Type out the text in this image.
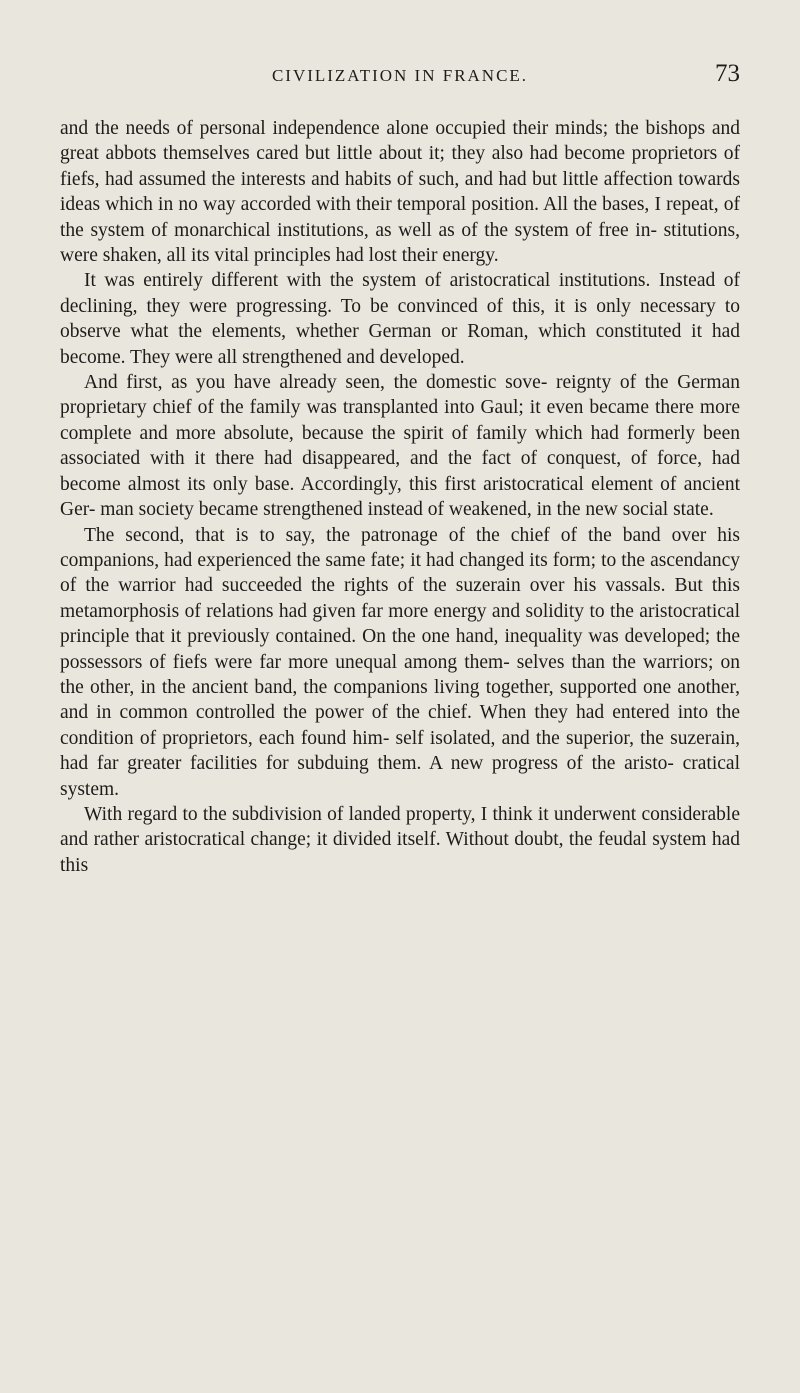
CIVILIZATION IN FRANCE.	73

and the needs of personal independence alone occupied their minds; the bishops and great abbots themselves cared but little about it; they also had become proprietors of fiefs, had assumed the interests and habits of such, and had but little affection towards ideas which in no way accorded with their temporal position. All the bases, I repeat, of the system of monarchical institutions, as well as of the system of free in- stitutions, were shaken, all its vital principles had lost their energy.

It was entirely different with the system of aristocratical institutions. Instead of declining, they were progressing. To be convinced of this, it is only necessary to observe what the elements, whether German or Roman, which constituted it had become. They were all strengthened and developed.

And first, as you have already seen, the domestic sove- reignty of the German proprietary chief of the family was transplanted into Gaul; it even became there more complete and more absolute, because the spirit of family which had formerly been associated with it there had disappeared, and the fact of conquest, of force, had become almost its only base. Accordingly, this first aristocratical element of ancient Ger- man society became strengthened instead of weakened, in the new social state.

The second, that is to say, the patronage of the chief of the band over his companions, had experienced the same fate; it had changed its form; to the ascendancy of the warrior had succeeded the rights of the suzerain over his vassals. But this metamorphosis of relations had given far more energy and solidity to the aristocratical principle that it previously contained. On the one hand, inequality was developed; the possessors of fiefs were far more unequal among them- selves than the warriors; on the other, in the ancient band, the companions living together, supported one another, and in common controlled the power of the chief. When they had entered into the condition of proprietors, each found him- self isolated, and the superior, the suzerain, had far greater facilities for subduing them. A new progress of the aristo- cratical system.

With regard to the subdivision of landed property, I think it underwent considerable and rather aristocratical change; it divided itself. Without doubt, the feudal system had this
